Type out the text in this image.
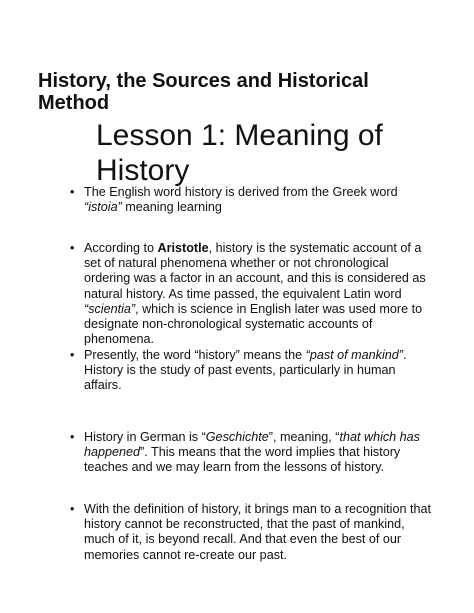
History, the Sources and Historical Method
Lesson 1: Meaning of History

• The English word history is derived from the Greek word “istoia” meaning learning

• According to Aristotle, history is the systematic account of a set of natural phenomena whether or not chronological ordering was a factor in an account, and this is considered as natural history. As time passed, the equivalent Latin word “scientia”, which is science in English later was used more to designate non-chronological systematic accounts of phenomena.

• Presently, the word “history” means the “past of mankind”. History is the study of past events, particularly in human affairs.

• History in German is “Geschichte”, meaning, “that which has happened”. This means that the word implies that history teaches and we may learn from the lessons of history.

• With the definition of history, it brings man to a recognition that history cannot be reconstructed, that the past of mankind, much of it, is beyond recall. And that even the best of our memories cannot re-create our past.
